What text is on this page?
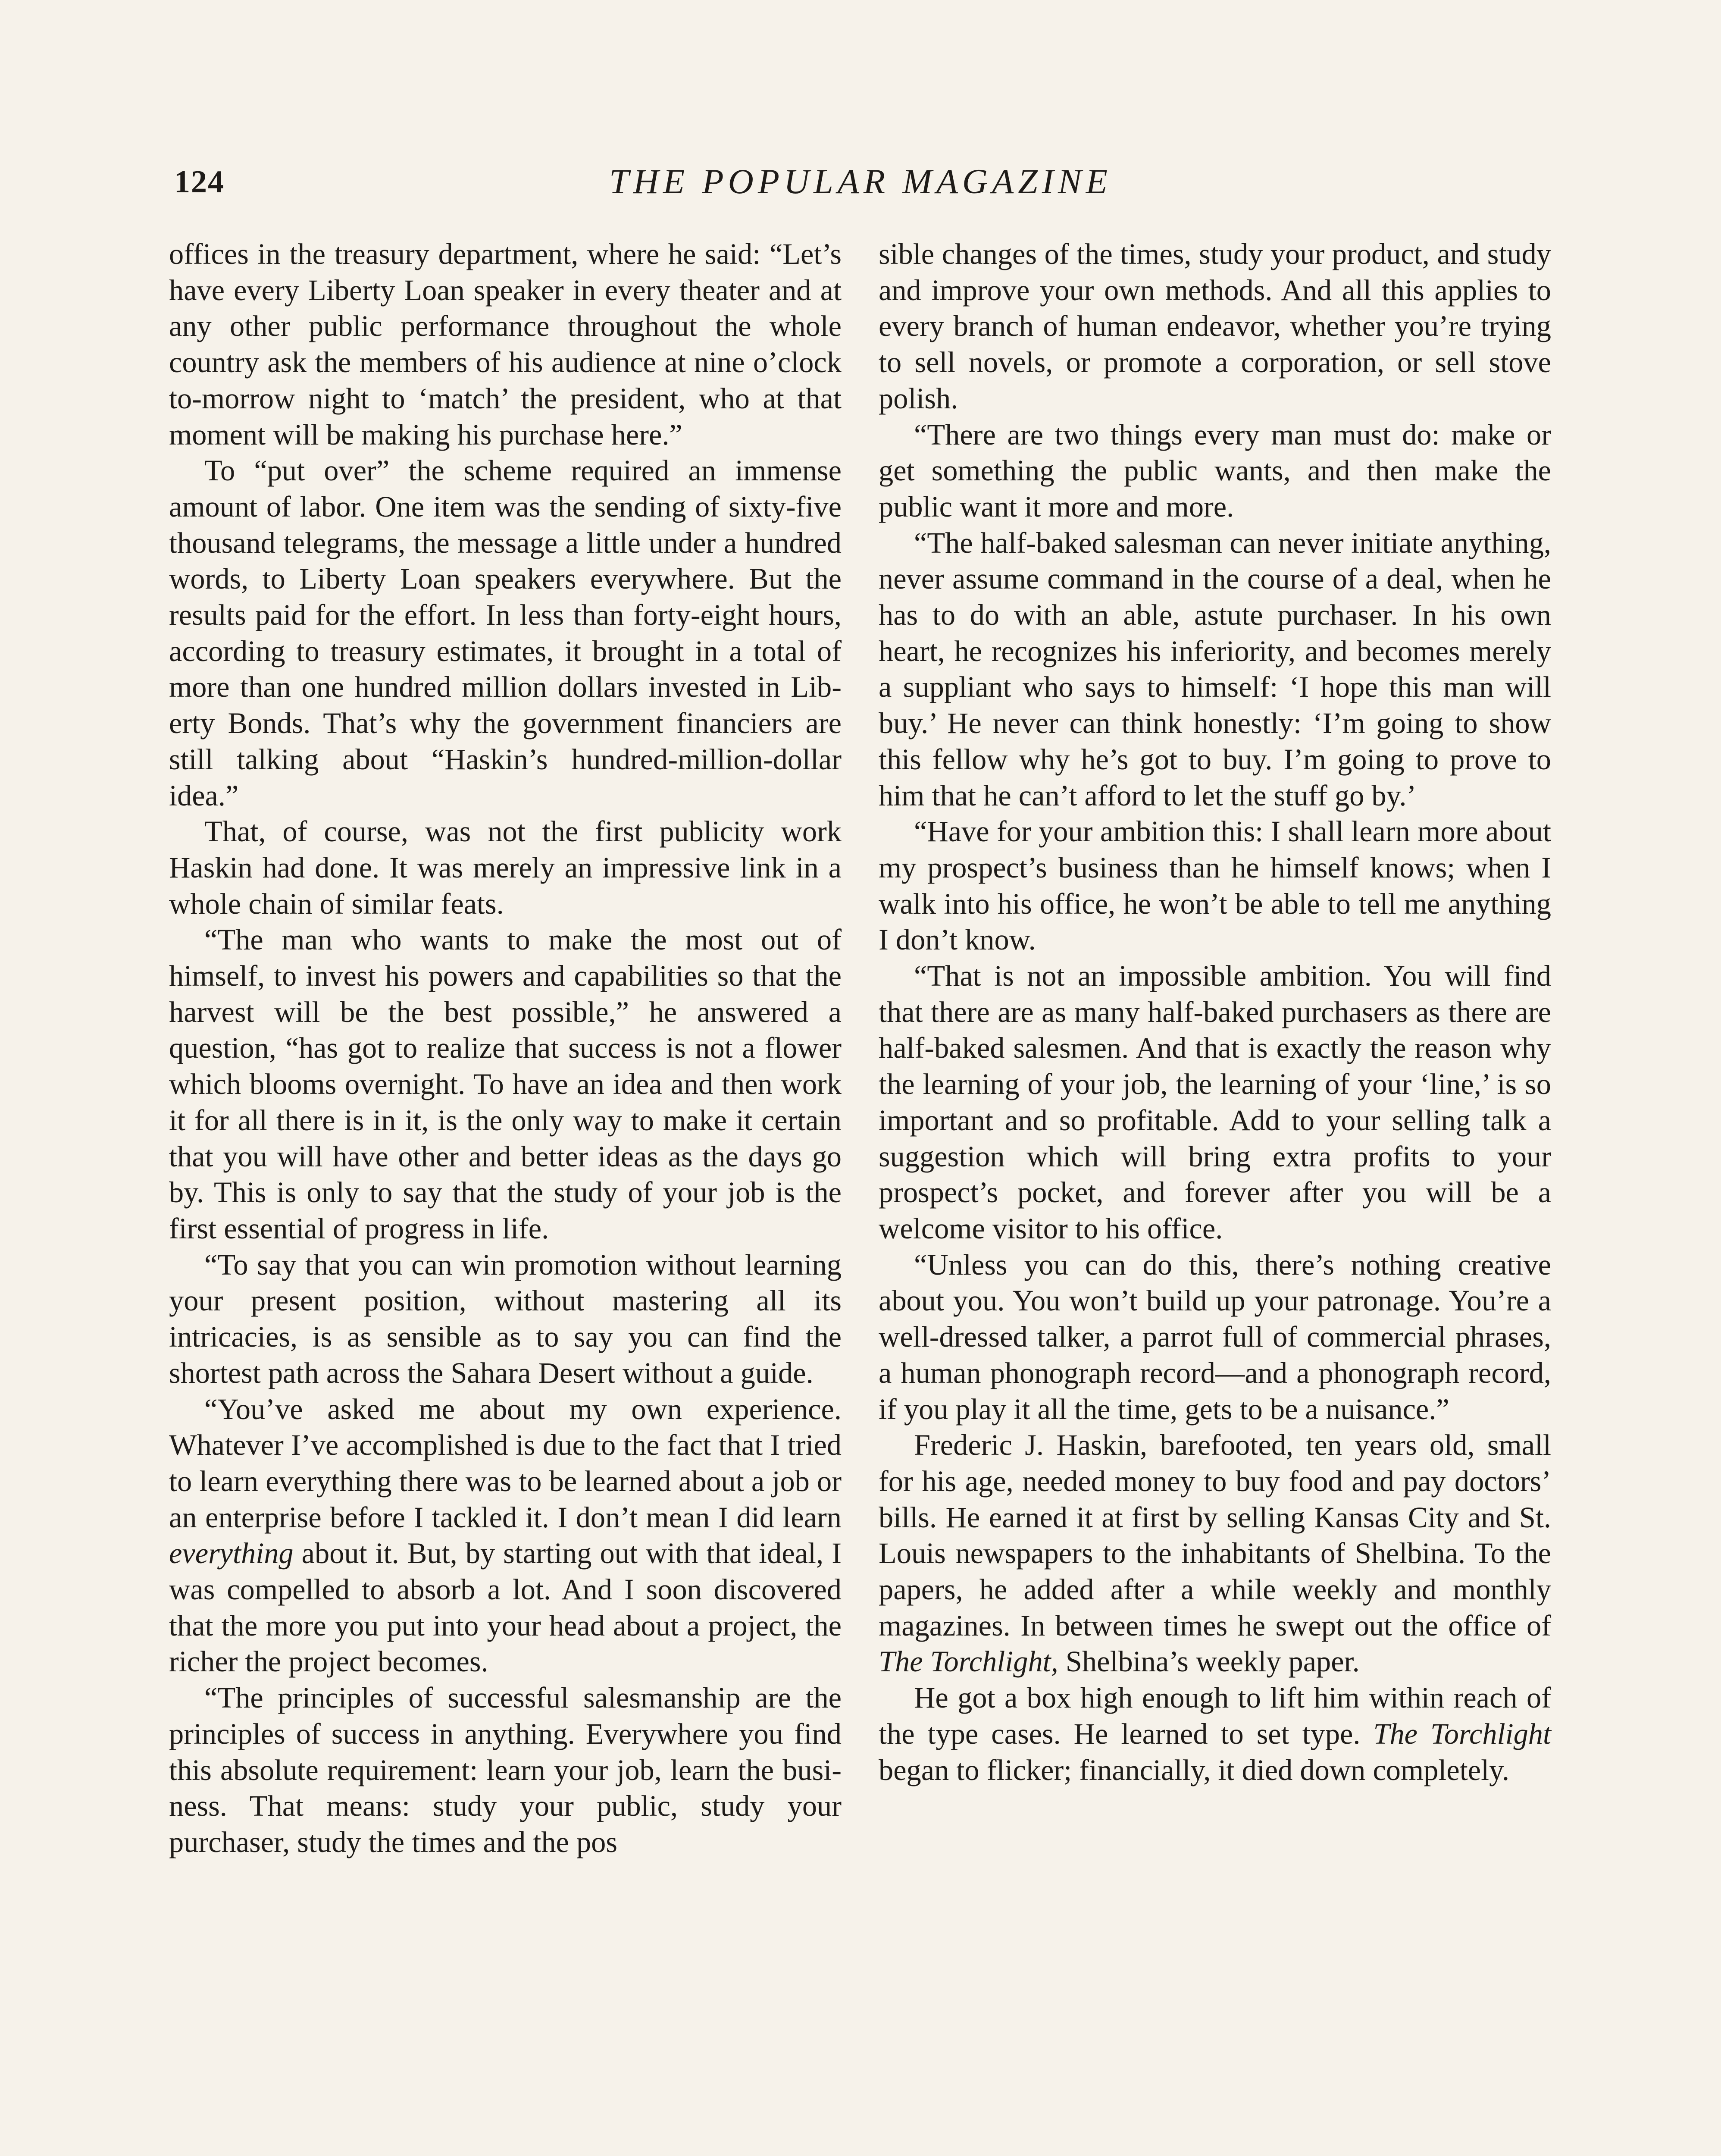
124	THE POPULAR MAGAZINE

offices in the treasury department, where he said: “Let’s have every Liberty Loan speaker in every theater and at any other public performance throughout the whole country ask the members of his audience at nine o’clock to-morrow night to ‘match’ the president, who at that moment will be making his purchase here.”

To “put over” the scheme required an immense amount of labor. One item was the sending of sixty-five thousand telegrams, the message a little under a hundred words, to Liberty Loan speakers everywhere. But the results paid for the effort. In less than forty-eight hours, according to treasury estimates, it brought in a total of more than one hundred million dollars invested in Liberty Bonds. That’s why the government financiers are still talking about “Haskin’s hundred-million-dollar idea.”

That, of course, was not the first publicity work Haskin had done. It was merely an impressive link in a whole chain of similar feats.

“The man who wants to make the most out of himself, to invest his powers and capabilities so that the harvest will be the best possible,” he answered a question, “has got to realize that success is not a flower which blooms overnight. To have an idea and then work it for all there is in it, is the only way to make it certain that you will have other and better ideas as the days go by. This is only to say that the study of your job is the first essential of progress in life.

“To say that you can win promotion without learning your present position, without mastering all its intricacies, is as sensible as to say you can find the shortest path across the Sahara Desert without a guide.

“You’ve asked me about my own experience. Whatever I’ve accomplished is due to the fact that I tried to learn everything there was to be learned about a job or an enterprise before I tackled it. I don’t mean I did learn everything about it. But, by starting out with that ideal, I was compelled to absorb a lot. And I soon discovered that the more you put into your head about a project, the richer the project becomes.

“The principles of successful salesmanship are the principles of success in anything. Everywhere you find this absolute requirement: learn your job, learn the business. That means: study your public, study your purchaser, study the times and the pos

sible changes of the times, study your product, and study and improve your own methods. And all this applies to every branch of human endeavor, whether you’re trying to sell novels, or promote a corporation, or sell stove polish.

“There are two things every man must do: make or get something the public wants, and then make the public want it more and more.

“The half-baked salesman can never initiate anything, never assume command in the course of a deal, when he has to do with an able, astute purchaser. In his own heart, he recognizes his inferiority, and becomes merely a suppliant who says to himself: ‘I hope this man will buy.’ He never can think honestly: ‘I’m going to show this fellow why he’s got to buy. I’m going to prove to him that he can’t afford to let the stuff go by.’

“Have for your ambition this: I shall learn more about my prospect’s business than he himself knows; when I walk into his office, he won’t be able to tell me anything I don’t know.

“That is not an impossible ambition. You will find that there are as many half-baked purchasers as there are half-baked salesmen. And that is exactly the reason why the learning of your job, the learning of your ‘line,’ is so important and so profitable. Add to your selling talk a suggestion which will bring extra profits to your prospect’s pocket, and forever after you will be a welcome visitor to his office.

“Unless you can do this, there’s nothing creative about you. You won’t build up your patronage. You’re a well-dressed talker, a parrot full of commercial phrases, a human phonograph record—and a phonograph record, if you play it all the time, gets to be a nuisance.”

Frederic J. Haskin, barefooted, ten years old, small for his age, needed money to buy food and pay doctors’ bills. He earned it at first by selling Kansas City and St. Louis newspapers to the inhabitants of Shelbina. To the papers, he added after a while weekly and monthly magazines. In between times he swept out the office of The Torchlight, Shelbina’s weekly paper.

He got a box high enough to lift him within reach of the type cases. He learned to set type. The Torchlight began to flicker; financially, it died down completely.
